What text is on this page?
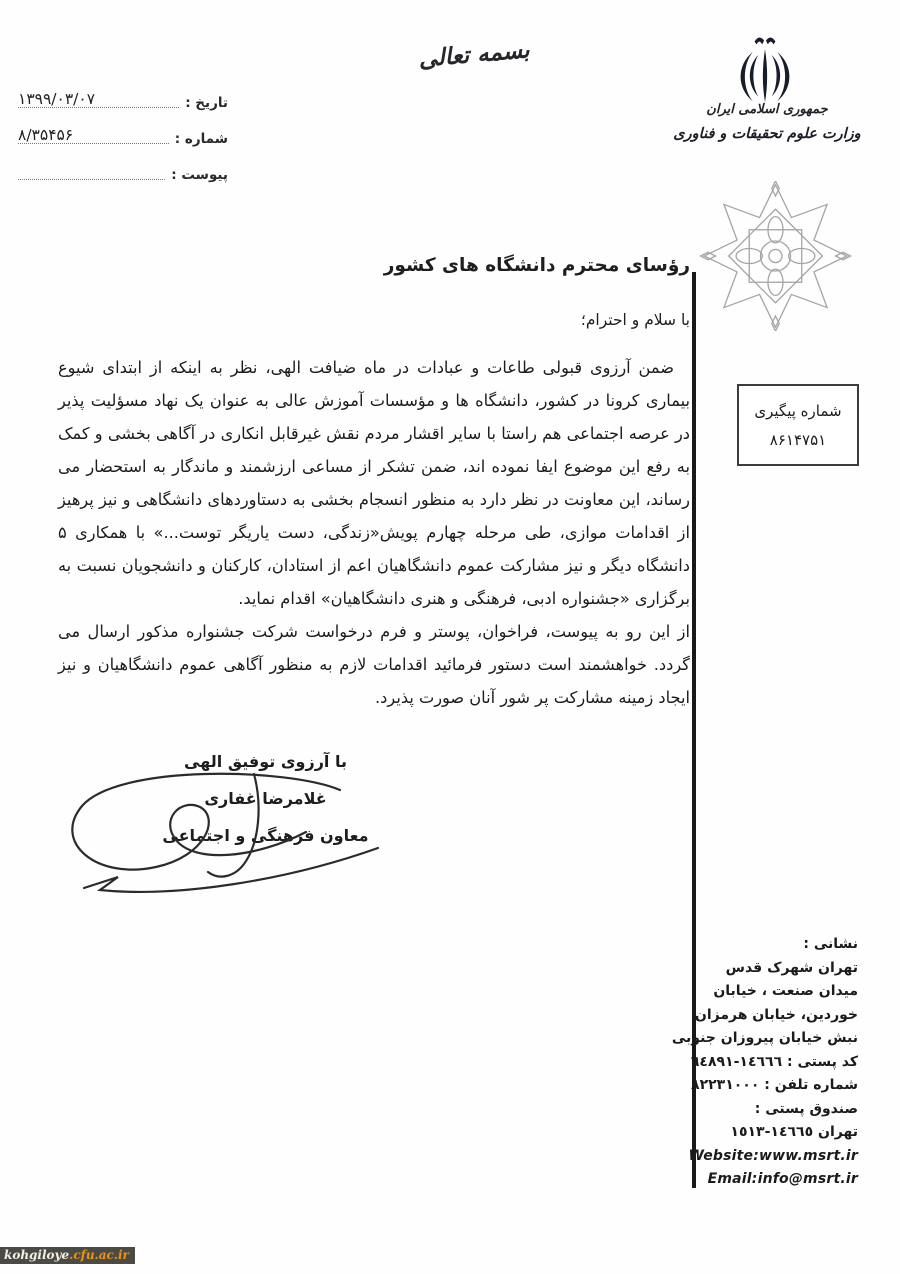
بسمه تعالی
جمهوری اسلامی ایران
وزارت علوم تحقیقات و فناوری
تاریخ :
۱۳۹۹/۰۳/۰۷
شماره :
۸/۳۵۴۵۶
پیوست :
شماره پیگیری
۸۶۱۴۷۵۱
رؤسای محترم دانشگاه های کشور
با سلام و احترام؛

ضمن آرزوی قبولی طاعات و عبادات در ماه ضیافت الهی، نظر به اینکه از ابتدای شیوع بیماری کرونا در کشور، دانشگاه ها و مؤسسات آموزش عالی به عنوان یک نهاد مسؤلیت پذیر در عرصه اجتماعی هم راستا با سایر اقشار مردم نقش غیرقابل انکاری در آگاهی بخشی و کمک به رفع این موضوع ایفا نموده اند، ضمن تشکر از مساعی ارزشمند و ماندگار به استحضار می رساند، این معاونت در نظر دارد به منظور انسجام بخشی به دستاوردهای دانشگاهی و نیز پرهیز از اقدامات موازی، طی مرحله چهارم پویش«زندگی، دست یاریگر توست...» با همکاری ۵ دانشگاه دیگر و نیز مشارکت عموم دانشگاهیان اعم از استادان، کارکنان و دانشجویان نسبت به برگزاری «جشنواره ادبی، فرهنگی و هنری دانشگاهیان» اقدام نماید.

از این رو به پیوست، فراخوان، پوستر و فرم درخواست شرکت جشنواره مذکور ارسال می گردد. خواهشمند است دستور فرمائید اقدامات لازم به منظور آگاهی عموم دانشگاهیان و نیز ایجاد زمینه مشارکت پر شور آنان صورت پذیرد.

با آرزوی توفیق الهی
غلامرضا غفاری
معاون فرهنگی و اجتماعی
نشانی :
تهران شهرک قدس
میدان صنعت ، خیابان
خوردین، خیابان هرمزان
نبش خیابان پیروزان جنوبی
کد پستی : ١٤٦٦٦-٦٤٨٩١
شماره تلفن : ٨٢٢٣١٠٠٠
صندوق پستی :
تهران ١٤٦٦٥-١٥١٣
Website:www.msrt.ir
Email:info@msrt.ir
kohgiloye.cfu.ac.ir
